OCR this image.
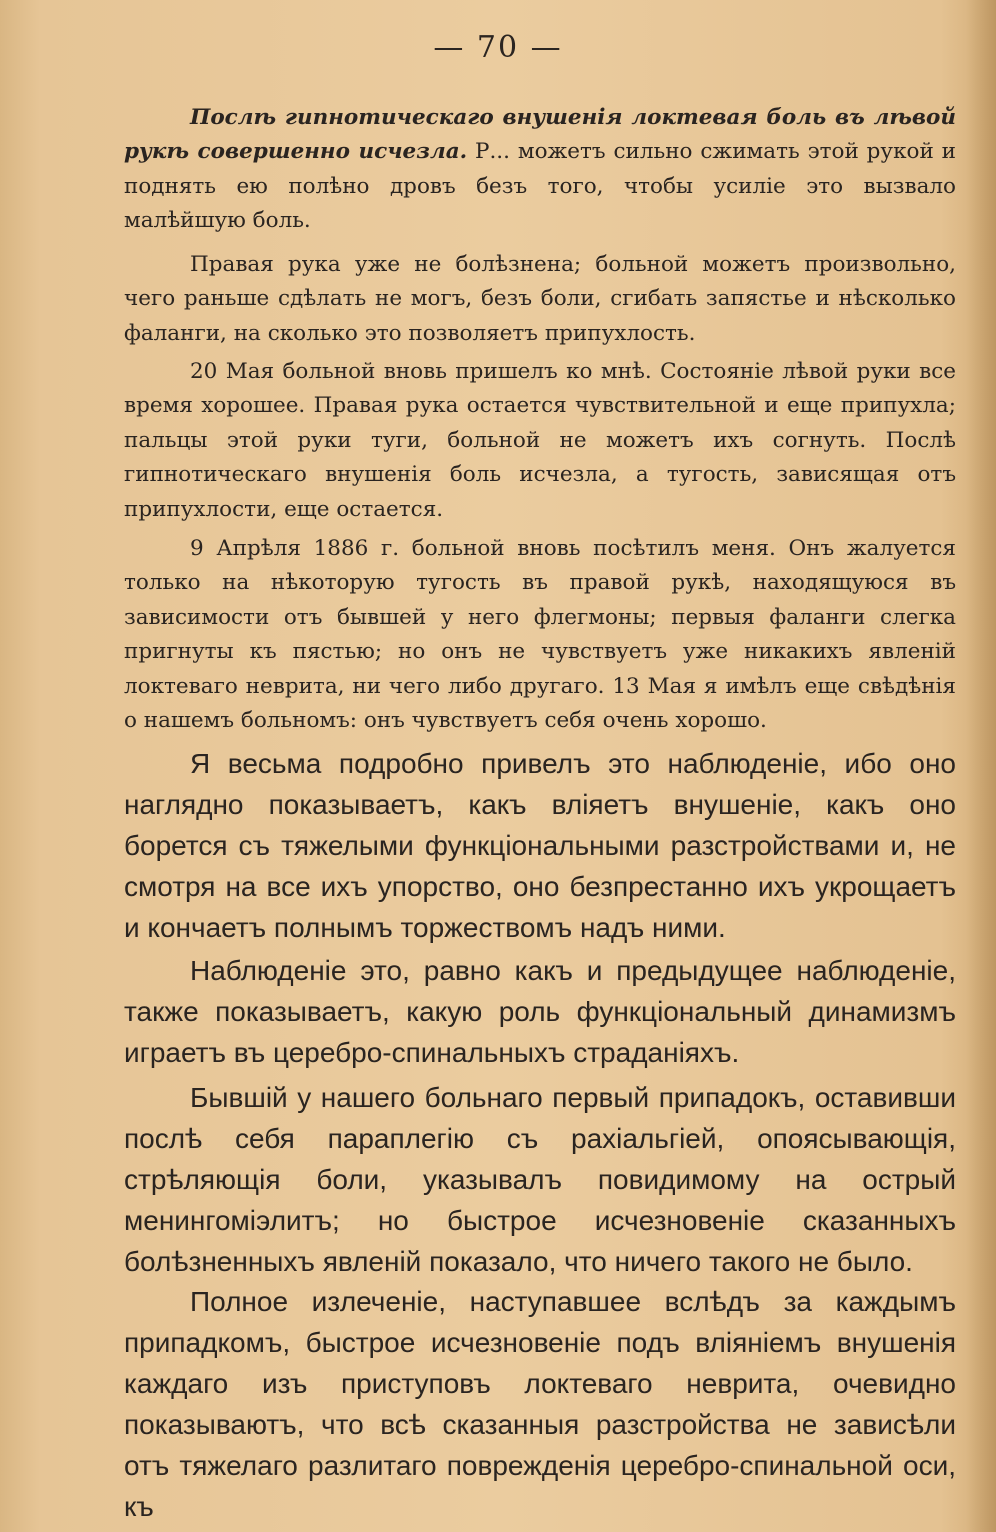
— 70 —

Послѣ гипнотическаго внушенія локтевая боль въ лѣвой рукѣ совершенно исчезла. Р... можетъ сильно сжимать этой рукой и поднять ею полѣно дровъ безъ того, чтобы усиліе это вызвало малѣйшую боль.

Правая рука уже не болѣзнена; больной можетъ произвольно, чего раньше сдѣлать не могъ, безъ боли, сгибать запястье и нѣсколько фаланги, на сколько это позволяетъ припухлость.

20 Мая больной вновь пришелъ ко мнѣ. Состояніе лѣвой руки все время хорошее. Правая рука остается чувствительной и еще припухла; пальцы этой руки туги, больной не можетъ ихъ согнуть. Послѣ гипнотическаго внушенія боль исчезла, а тугость, зависящая отъ припухлости, еще остается.

9 Апрѣля 1886 г. больной вновь посѣтилъ меня. Онъ жалуется только на нѣкоторую тугость въ правой рукѣ, находящуюся въ зависимости отъ бывшей у него флегмоны; первыя фаланги слегка пригнуты къ пястью; но онъ не чувствуетъ уже никакихъ явленій локтеваго неврита, ни чего либо другаго. 13 Мая я имѣлъ еще свѣдѣнія о нашемъ больномъ: онъ чувствуетъ себя очень хорошо.

Я весьма подробно привелъ это наблюденіе, ибо оно наглядно показываетъ, какъ вліяетъ внушеніе, какъ оно борется съ тяжелыми функціональными разстройствами и, не смотря на все ихъ упорство, оно безпрестанно ихъ укрощаетъ и кончаетъ полнымъ торжествомъ надъ ними.

Наблюденіе это, равно какъ и предыдущее наблюденіе, также показываетъ, какую роль функціональный динамизмъ играетъ въ церебро-спинальныхъ страданіяхъ.

Бывшій у нашего больнаго первый припадокъ, оставивши послѣ себя параплегію съ рахіальгіей, опоясывающія, стрѣляющія боли, указывалъ повидимому на острый менингоміэлитъ; но быстрое исчезновеніе сказанныхъ болѣзненныхъ явленій показало, что ничего такого не было.

Полное излеченіе, наступавшее вслѣдъ за каждымъ припадкомъ, быстрое исчезновеніе подъ вліяніемъ внушенія каждаго изъ приступовъ локтеваго неврита, очевидно показываютъ, что всѣ сказанныя разстройства не зависѣли отъ тяжелаго разлитаго поврежденія церебро-спинальной оси, къ
